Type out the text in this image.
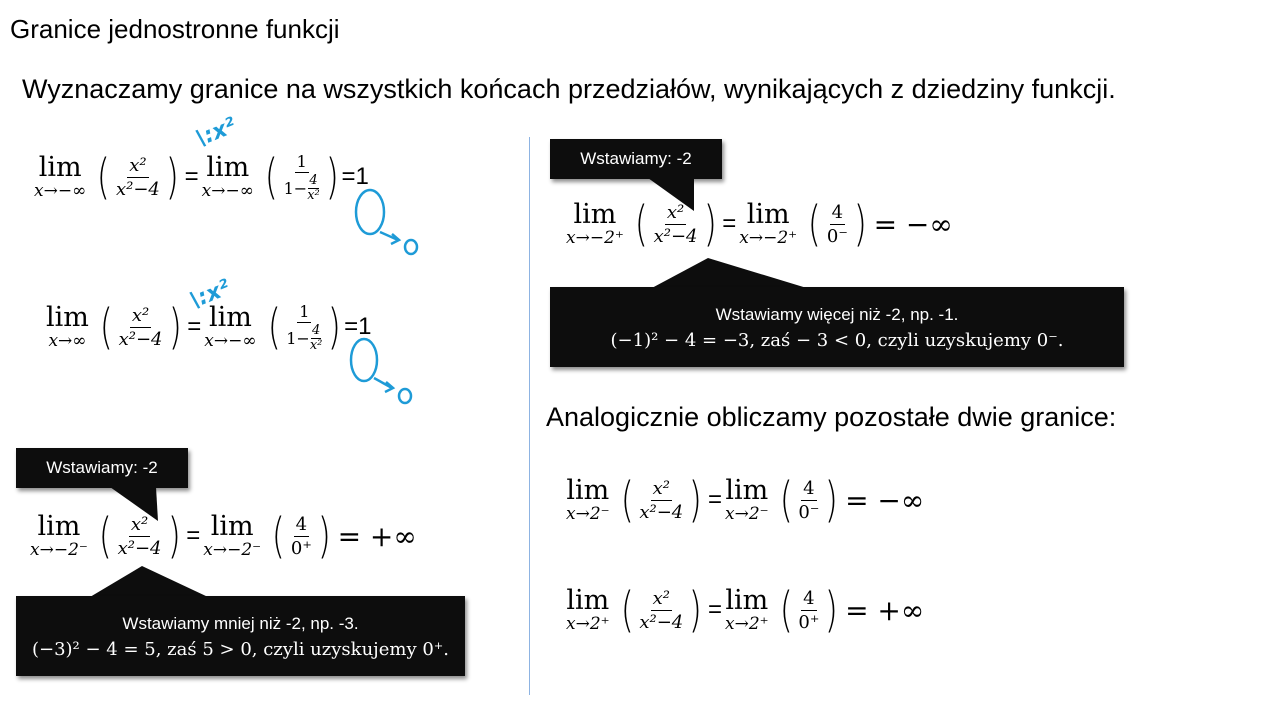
Granice jednostronne funkcji
Wyznaczamy granice na wszystkich końcach przedziałów, wynikających z dziedziny funkcji.
lim
x→−∞ ( $\frac{\text{x²}}{\text{x²−4}}$ ) = lim
x→−∞ ( $\frac{1}{1- \frac{4}{\text{x²}}}$ ) =1
lim
x→∞ ( $\frac{\text{x²}}{\text{x²−4}}$ ) = lim
x→−∞ ( $\frac{1}{1- \frac{4}{\text{x²}}}$ ) =1
\:x²
\:x²
Wstawiamy: -2
lim
x→−2⁻ ( $\frac{\text{x²}}{\text{x²−4}}$ ) = lim
x→−2⁻ ( $\frac{4}{0^+}$ ) = +∞
Wstawiamy mniej niż -2, np. -3.
(−3)² − 4 = 5, zaś 5 > 0, czyli uzyskujemy 0⁺.
Wstawiamy: -2
lim
x→−2⁺ ( $\frac{\text{x²}}{\text{x²−4}}$ ) = lim
x→−2⁺ ( $\frac{4}{0^-}$ ) = −∞
Wstawiamy więcej niż -2, np. -1.
(−1)² − 4 = −3, zaś − 3 < 0, czyli uzyskujemy 0⁻.
Analogicznie obliczamy pozostałe dwie granice:
lim
x→2⁻ ( $\frac{\text{x²}}{\text{x²−4}}$ ) = lim
x→2⁻ ( $\frac{4}{0^-}$ ) = −∞
lim
x→2⁺ ( $\frac{\text{x²}}{\text{x²−4}}$ ) = lim
x→2⁺ ( $\frac{4}{0^+}$ ) = +∞
